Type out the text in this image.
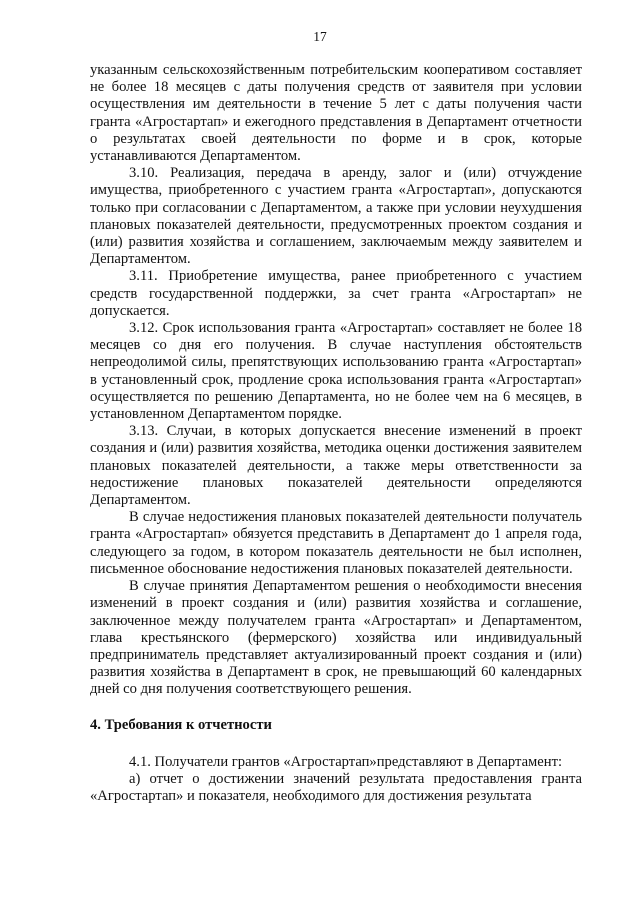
17

указанным сельскохозяйственным потребительским кооперативом составляет не более 18 месяцев с даты получения средств от заявителя при условии осуществления им деятельности в течение 5 лет с даты получения части гранта «Агростартап» и ежегодного представления в Департамент отчетности о результатах своей деятельности по форме и в срок, которые устанавливаются Департаментом.

3.10. Реализация, передача в аренду, залог и (или) отчуждение имущества, приобретенного с участием гранта «Агростартап», допускаются только при согласовании с Департаментом, а также при условии неухудшения плановых показателей деятельности, предусмотренных проектом создания и (или) развития хозяйства и соглашением, заключаемым между заявителем и Департаментом.

3.11. Приобретение имущества, ранее приобретенного с участием средств государственной поддержки, за счет гранта «Агростартап» не допускается.

3.12. Срок использования гранта «Агростартап» составляет не более 18 месяцев со дня его получения. В случае наступления обстоятельств непреодолимой силы, препятствующих использованию гранта «Агростартап» в установленный срок, продление срока использования гранта «Агростартап» осуществляется по решению Департамента, но не более чем на 6 месяцев, в установленном Департаментом порядке.

3.13. Случаи, в которых допускается внесение изменений в проект создания и (или) развития хозяйства, методика оценки достижения заявителем плановых показателей деятельности, а также меры ответственности за недостижение плановых показателей деятельности определяются Департаментом.

В случае недостижения плановых показателей деятельности получатель гранта «Агростартап» обязуется представить в Департамент до 1 апреля года, следующего за годом, в котором показатель деятельности не был исполнен, письменное обоснование недостижения плановых показателей деятельности.

В случае принятия Департаментом решения о необходимости внесения изменений в проект создания и (или) развития хозяйства и соглашение, заключенное между получателем гранта «Агростартап» и Департаментом, глава крестьянского (фермерского) хозяйства или индивидуальный предприниматель представляет актуализированный проект создания и (или) развития хозяйства в Департамент в срок, не превышающий 60 календарных дней со дня получения соответствующего решения.

4. Требования к отчетности

4.1. Получатели грантов «Агростартап»представляют в Департамент:

а) отчет о достижении значений результата предоставления гранта «Агростартап» и показателя, необходимого для достижения результата
